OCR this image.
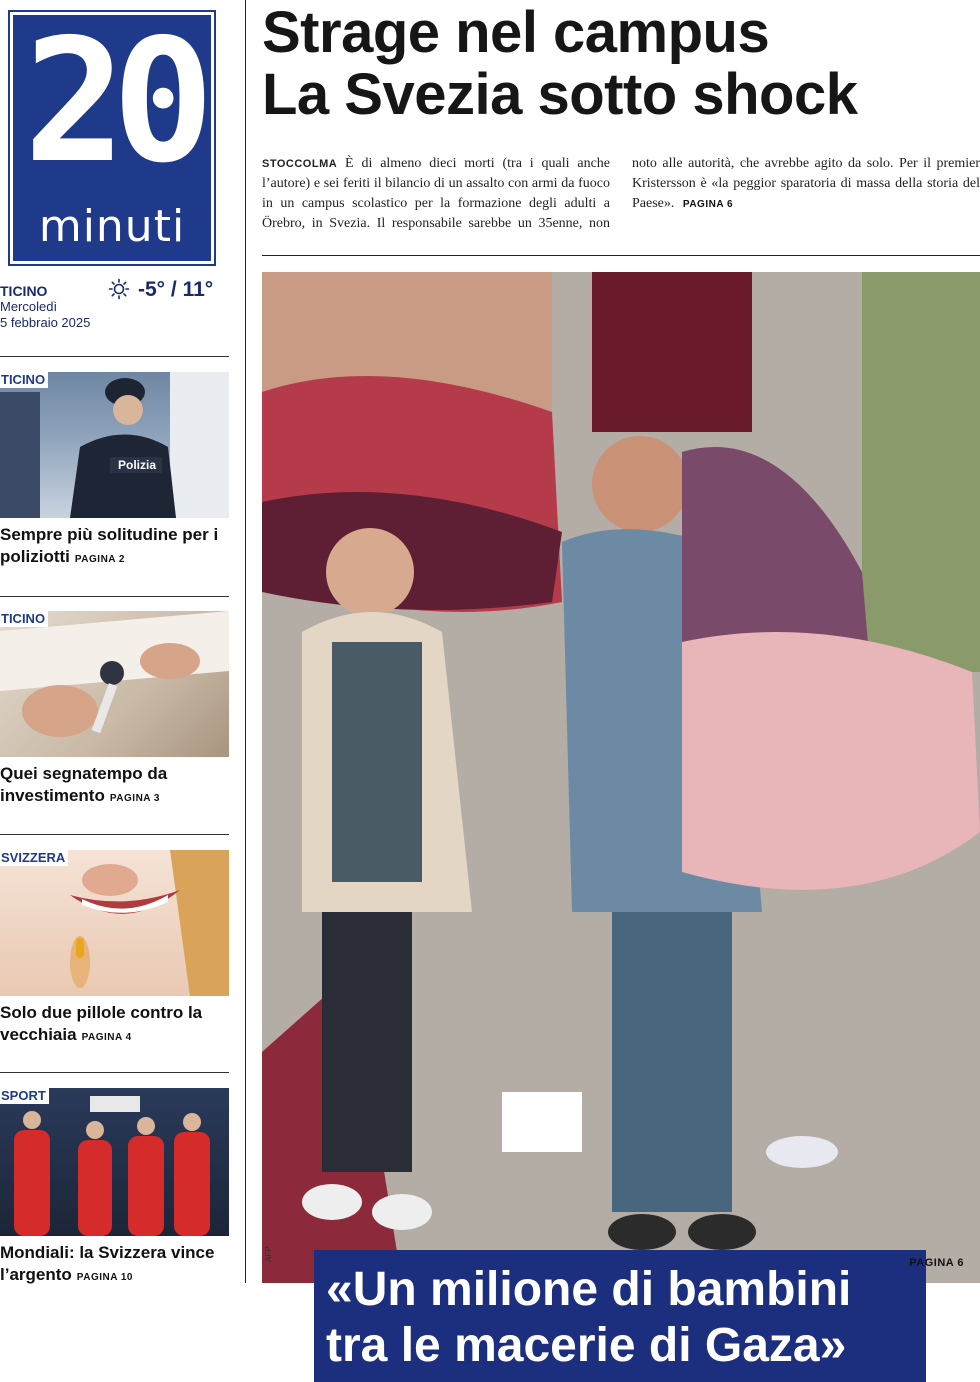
20
minuti
TICINO
Mercoledì
5 febbraio 2025
-5° / 11°
TICINO
Polizia
Sempre più solitudine per i poliziotti PAGINA 2
TICINO
Quei segnatempo da investimento PAGINA 3
SVIZZERA
Solo due pillole contro la vecchiaia PAGINA 4
SPORT
Mondiali: la Svizzera vince l’argento PAGINA 10
Strage nel campus
La Svezia sotto shock
STOCCOLMA È di almeno dieci morti (tra i quali anche l’autore) e sei feriti il bilancio di un assalto con armi da fuoco in un campus scolastico per la formazione degli adulti a Örebro, in Svezia. Il responsabile sarebbe un 35enne, non noto alle autorità, che avrebbe agito da solo. Per il premier Kristersson è «la peggior sparatoria di massa della storia del Paese». PAGINA 6
«Un milione di bambini tra le macerie di Gaza»
AFP
PAGINA 6
